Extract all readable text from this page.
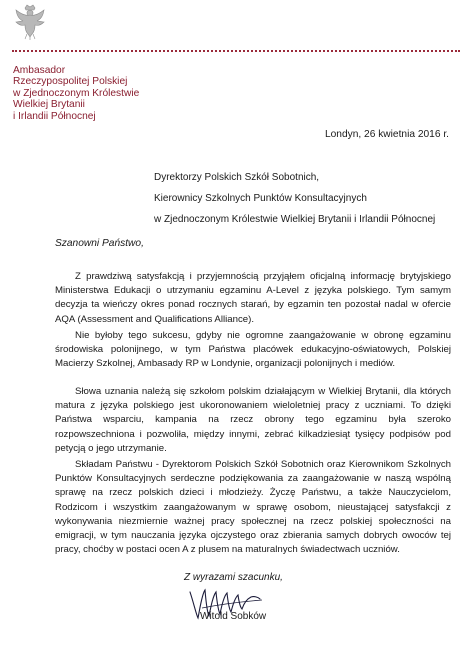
Ambasador
Rzeczypospolitej Polskiej
w Zjednoczonym Królestwie
Wielkiej Brytanii
i Irlandii Północnej
Londyn, 26 kwietnia 2016 r.
Dyrektorzy Polskich Szkół Sobotnich,
Kierownicy Szkolnych Punktów Konsultacyjnych
w Zjednoczonym Królestwie Wielkiej Brytanii i Irlandii Północnej
Szanowni Państwo,
Z prawdziwą satysfakcją i przyjemnością przyjąłem oficjalną informację brytyjskiego Ministerstwa Edukacji o utrzymaniu egzaminu A-Level z języka polskiego. Tym samym decyzja ta wieńczy okres ponad rocznych starań, by egzamin ten pozostał nadal w ofercie AQA (Assessment and Qualifications Alliance).
Nie byłoby tego sukcesu, gdyby nie ogromne zaangażowanie w obronę egzaminu środowiska polonijnego, w tym Państwa placówek edukacyjno-oświatowych, Polskiej Macierzy Szkolnej, Ambasady RP w Londynie, organizacji polonijnych i mediów.
Słowa uznania należą się szkołom polskim działającym w Wielkiej Brytanii, dla których matura z języka polskiego jest ukoronowaniem wieloletniej pracy z uczniami. To dzięki Państwa wsparciu, kampania na rzecz obrony tego egzaminu była szeroko rozpowszechniona i pozwoliła, między innymi, zebrać kilkadziesiąt tysięcy podpisów pod petycją o jego utrzymanie.
Składam Państwu - Dyrektorom Polskich Szkół Sobotnich oraz Kierownikom Szkolnych Punktów Konsultacyjnych serdeczne podziękowania za zaangażowanie w naszą wspólną sprawę na rzecz polskich dzieci i młodzieży. Życzę Państwu, a także Nauczycielom, Rodzicom i wszystkim zaangażowanym w sprawę osobom, nieustającej satysfakcji z wykonywania niezmiernie ważnej pracy społecznej na rzecz polskiej społeczności na emigracji, w tym nauczania języka ojczystego oraz zbierania samych dobrych owoców tej pracy, choćby w postaci ocen A z plusem na maturalnych świadectwach uczniów.
Z wyrazami szacunku,
Witold Sobków
